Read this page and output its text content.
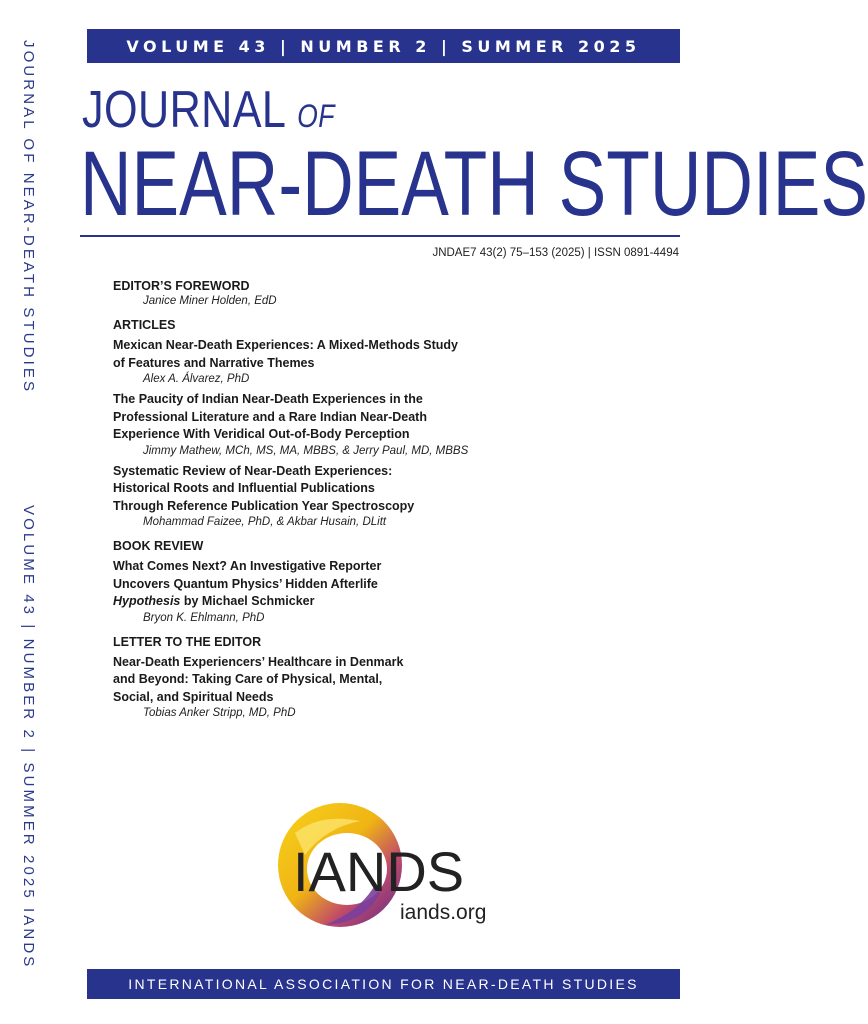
JOURNAL OF NEAR-DEATH STUDIES
VOLUME 43 | NUMBER 2 | SUMMER 2025 IANDS
VOLUME 43 | NUMBER 2 | SUMMER 2025
JOURNAL OF
NEAR-DEATH STUDIES
JNDAE7 43(2) 75–153 (2025) | ISSN 0891-4494
EDITOR’S FOREWORD
Janice Miner Holden, EdD
ARTICLES
Mexican Near-Death Experiences: A Mixed-Methods Study
of Features and Narrative Themes
Alex A. Álvarez, PhD
The Paucity of Indian Near-Death Experiences in the
Professional Literature and a Rare Indian Near-Death
Experience With Veridical Out-of-Body Perception
Jimmy Mathew, MCh, MS, MA, MBBS, & Jerry Paul, MD, MBBS
Systematic Review of Near-Death Experiences:
Historical Roots and Influential Publications
Through Reference Publication Year Spectroscopy
Mohammad Faizee, PhD, & Akbar Husain, DLitt
BOOK REVIEW
What Comes Next? An Investigative Reporter
Uncovers Quantum Physics’ Hidden Afterlife
Hypothesis by Michael Schmicker
Bryon K. Ehlmann, PhD
LETTER TO THE EDITOR
Near-Death Experiencers’ Healthcare in Denmark
and Beyond: Taking Care of Physical, Mental,
Social, and Spiritual Needs
Tobias Anker Stripp, MD, PhD
IANDS
iands.org
INTERNATIONAL ASSOCIATION FOR NEAR-DEATH STUDIES
